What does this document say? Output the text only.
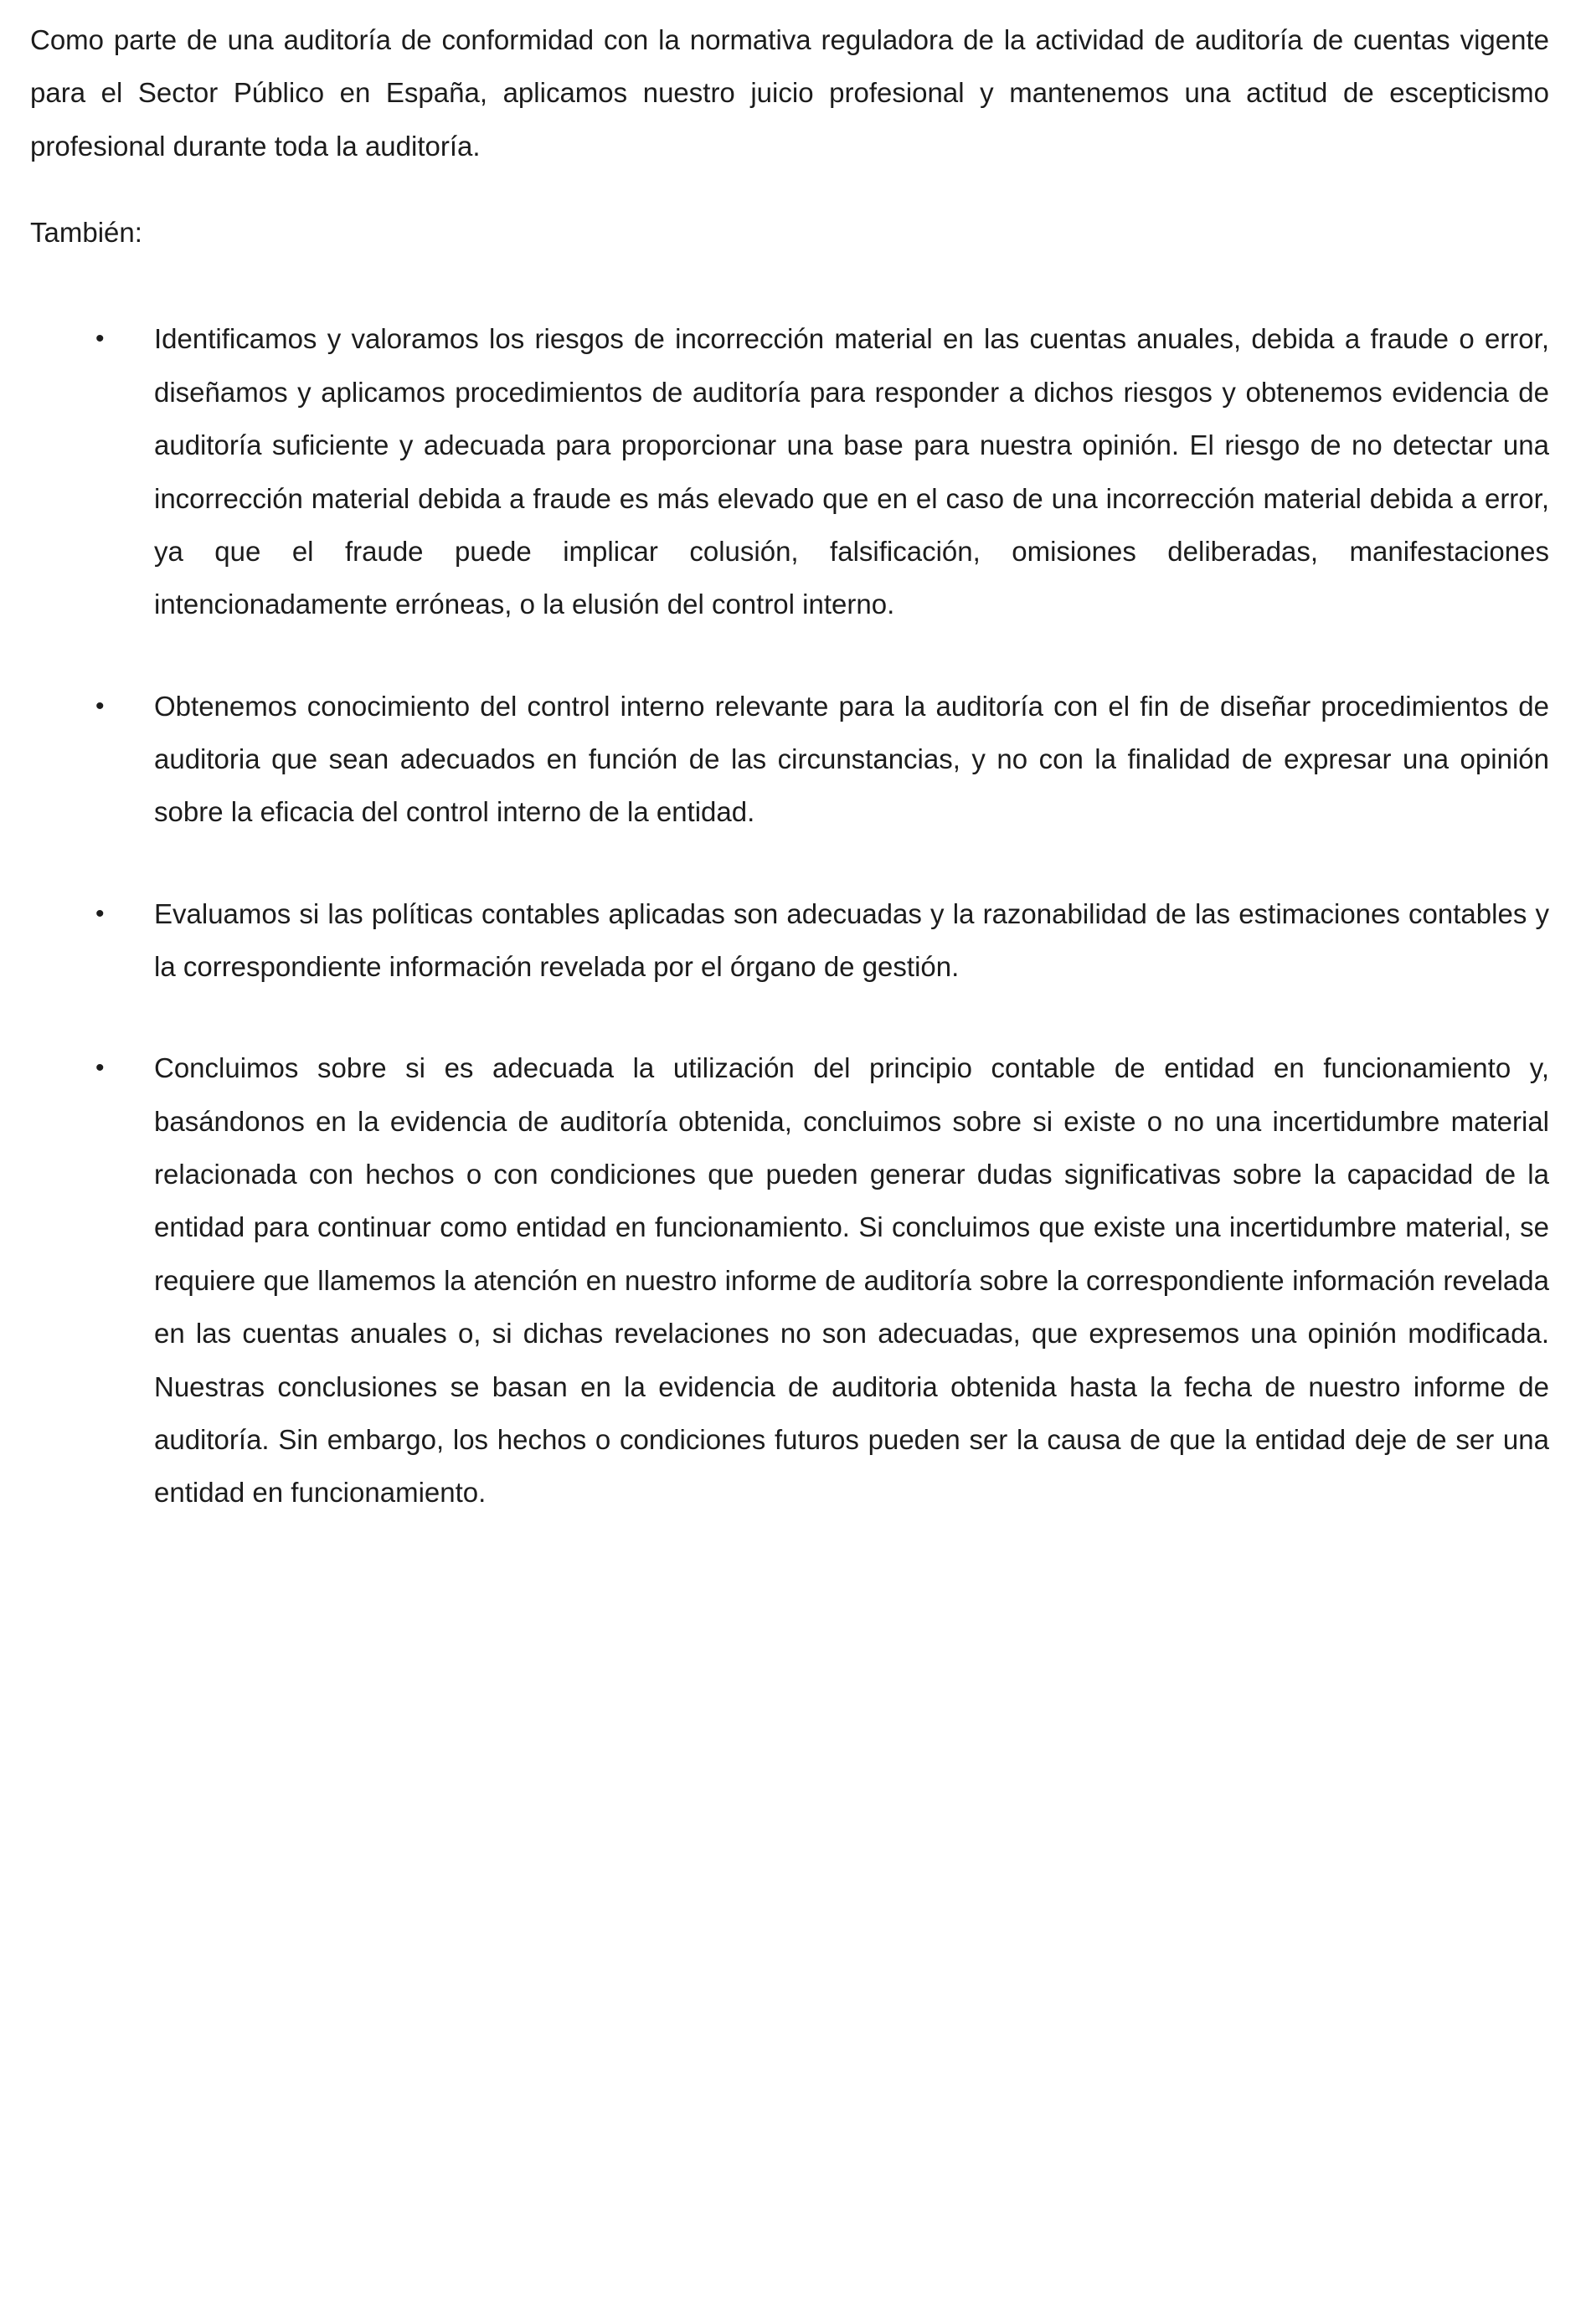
Como parte de una auditoría de conformidad con la normativa reguladora de la actividad de auditoría de cuentas vigente para el Sector Público en España, aplicamos nuestro juicio profesional y mantenemos una actitud de escepticismo profesional durante toda la auditoría.

También:

•	Identificamos y valoramos los riesgos de incorrección material en las cuentas anuales, debida a fraude o error, diseñamos y aplicamos procedimientos de auditoría para responder a dichos riesgos y obtenemos evidencia de auditoría suficiente y adecuada para proporcionar una base para nuestra opinión. El riesgo de no detectar una incorrección material debida a fraude es más elevado que en el caso de una incorrección material debida a error, ya que el fraude puede implicar colusión, falsificación, omisiones deliberadas, manifestaciones intencionadamente erróneas, o la elusión del control interno.

•	Obtenemos conocimiento del control interno relevante para la auditoría con el fin de diseñar procedimientos de auditoria que sean adecuados en función de las circunstancias, y no con la finalidad de expresar una opinión sobre la eficacia del control interno de la entidad.

•	Evaluamos si las políticas contables aplicadas son adecuadas y la razonabilidad de las estimaciones contables y la correspondiente información revelada por el órgano de gestión.

•	Concluimos sobre si es adecuada la utilización del principio contable de entidad en funcionamiento y, basándonos en la evidencia de auditoría obtenida, concluimos sobre si existe o no una incertidumbre material relacionada con hechos o con condiciones que pueden generar dudas significativas sobre la capacidad de la entidad para continuar como entidad en funcionamiento. Si concluimos que existe una incertidumbre material, se requiere que llamemos la atención en nuestro informe de auditoría sobre la correspondiente información revelada en las cuentas anuales o, si dichas revelaciones no son adecuadas, que expresemos una opinión modificada. Nuestras conclusiones se basan en la evidencia de auditoria obtenida hasta la fecha de nuestro informe de auditoría. Sin embargo, los hechos o condiciones futuros pueden ser la causa de que la entidad deje de ser una entidad en funcionamiento.
